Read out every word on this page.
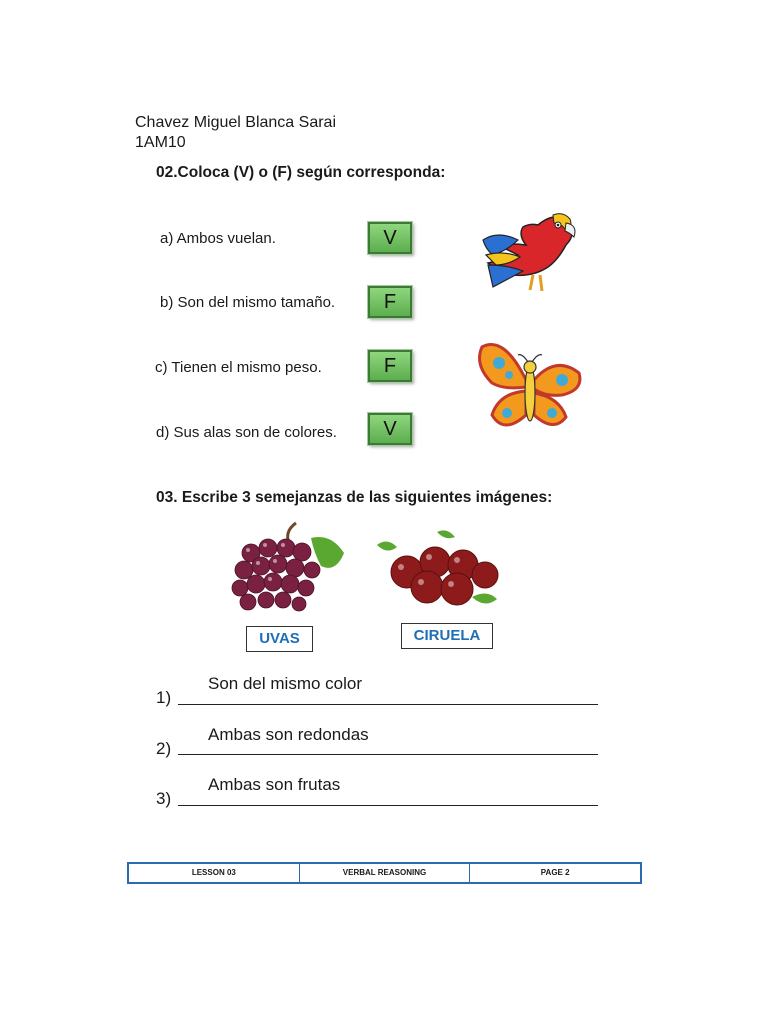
Chavez Miguel Blanca Sarai
1AM10
02.Coloca (V) o (F) según corresponda:
a) Ambos vuelan.	V
b) Son del mismo tamaño.	F
c) Tienen el mismo peso.	F
d) Sus alas son de colores.	V
03. Escribe 3 semejanzas de las siguientes imágenes:
UVAS	CIRUELA
Son del mismo color
1)
Ambas son redondas
2)
Ambas son frutas
3)
LESSON 03	VERBAL REASONING	PAGE 2
